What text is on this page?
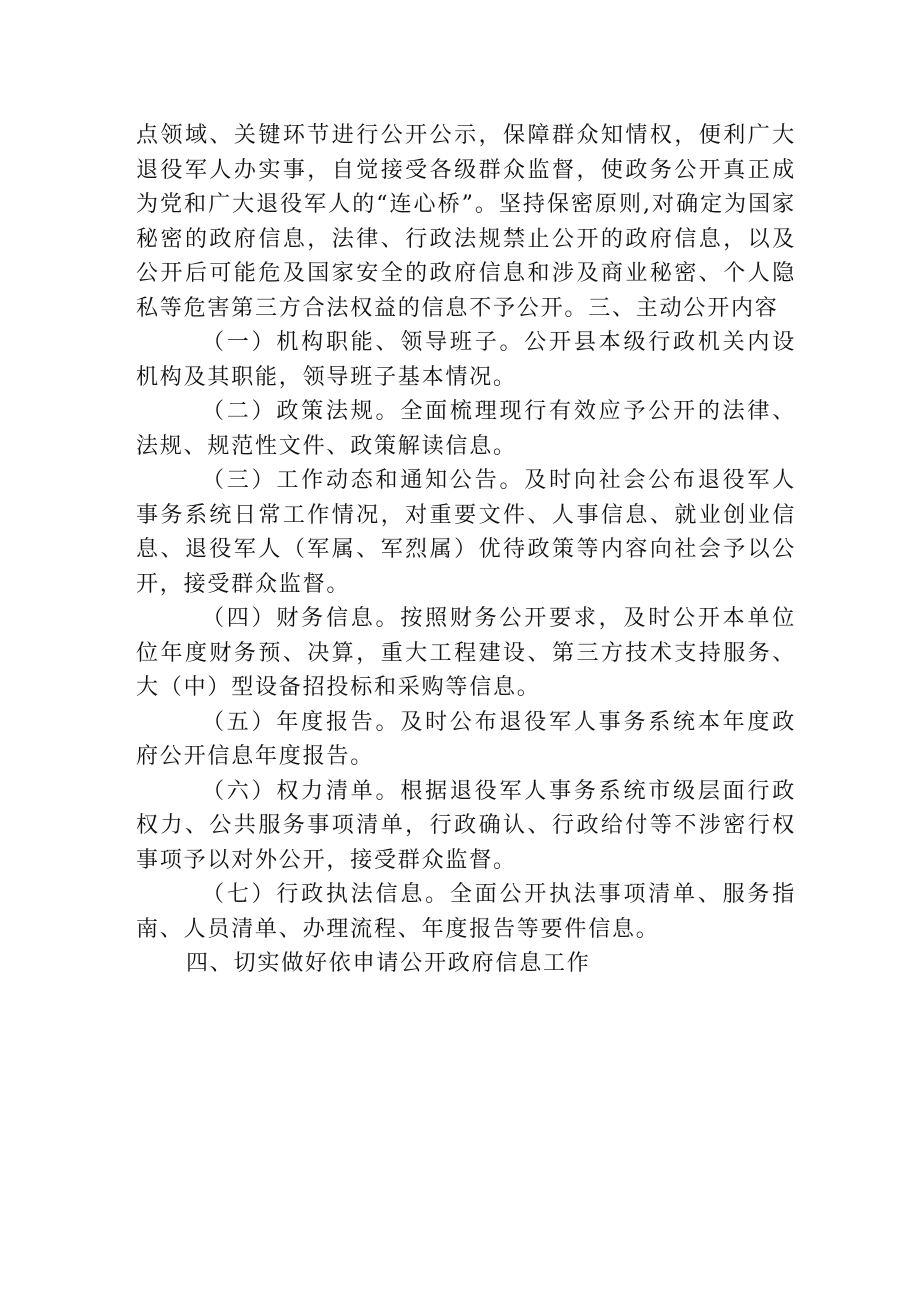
点领域、关键环节进行公开公示，保障群众知情权，便利广大退役军人办实事，自觉接受各级群众监督，使政务公开真正成为党和广大退役军人的“连心桥”。坚持保密原则,对确定为国家秘密的政府信息，法律、行政法规禁止公开的政府信息，以及公开后可能危及国家安全的政府信息和涉及商业秘密、个人隐私等危害第三方合法权益的信息不予公开。三、主动公开内容

（一）机构职能、领导班子。公开县本级行政机关内设机构及其职能，领导班子基本情况。

（二）政策法规。全面梳理现行有效应予公开的法律、法规、规范性文件、政策解读信息。

（三）工作动态和通知公告。及时向社会公布退役军人事务系统日常工作情况，对重要文件、人事信息、就业创业信息、退役军人（军属、军烈属）优待政策等内容向社会予以公开，接受群众监督。

（四）财务信息。按照财务公开要求，及时公开本单位位年度财务预、决算，重大工程建设、第三方技术支持服务、大（中）型设备招投标和采购等信息。

（五）年度报告。及时公布退役军人事务系统本年度政府公开信息年度报告。

（六）权力清单。根据退役军人事务系统市级层面行政权力、公共服务事项清单，行政确认、行政给付等不涉密行权事项予以对外公开，接受群众监督。

（七）行政执法信息。全面公开执法事项清单、服务指南、人员清单、办理流程、年度报告等要件信息。

四、切实做好依申请公开政府信息工作
